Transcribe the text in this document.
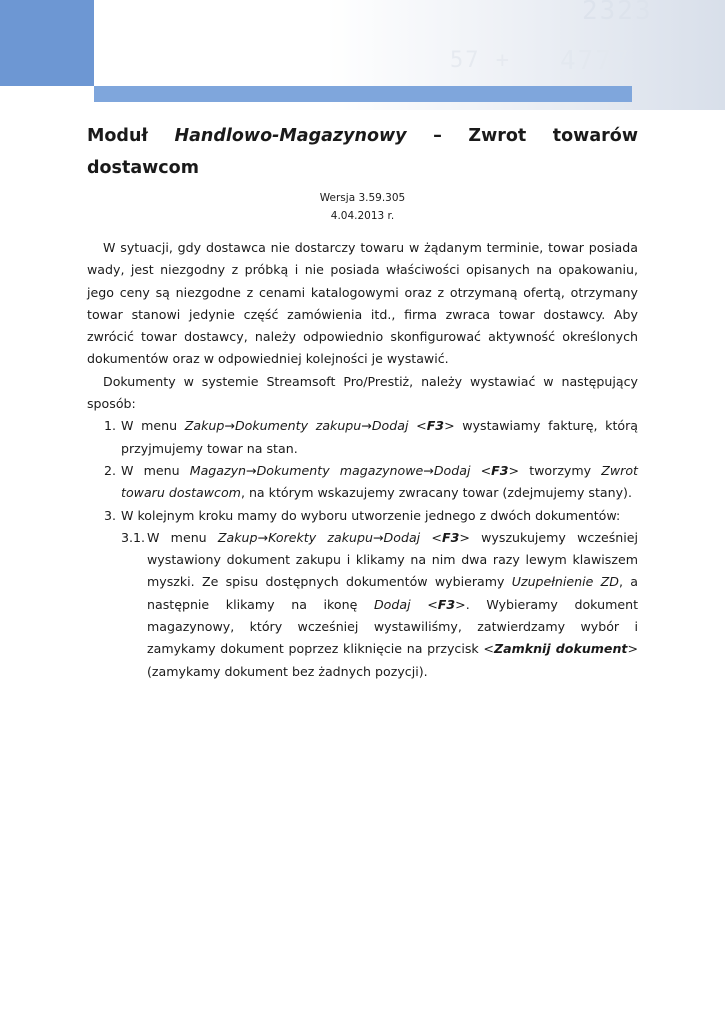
2323
57 + 4777
Moduł Handlowo-Magazynowy – Zwrot towarów
dostawcom
Wersja 3.59.305
4.04.2013 r.

W sytuacji, gdy dostawca nie dostarczy towaru w żądanym terminie, towar posiada wady, jest niezgodny z próbką i nie posiada właściwości opisanych na opakowaniu, jego ceny są niezgodne z cenami katalogowymi oraz z otrzymaną ofertą, otrzymany towar stanowi jedynie część zamówienia itd., firma zwraca towar dostawcy. Aby zwrócić towar dostawcy, należy odpowiednio skonfigurować aktywność określonych dokumentów oraz w odpowiedniej kolejności je wystawić.

Dokumenty w systemie Streamsoft Pro/Prestiż, należy wystawiać w następujący sposób:

1. W menu Zakup→Dokumenty zakupu→Dodaj <F3> wystawiamy fakturę, którą przyjmujemy towar na stan.
2. W menu Magazyn→Dokumenty magazynowe→Dodaj <F3> tworzymy Zwrot towaru dostawcom, na którym wskazujemy zwracany towar (zdejmujemy stany).
3. W kolejnym kroku mamy do wyboru utworzenie jednego z dwóch dokumentów:
3.1. W menu Zakup→Korekty zakupu→Dodaj <F3> wyszukujemy wcześniej wystawiony dokument zakupu i klikamy na nim dwa razy lewym klawiszem myszki. Ze spisu dostępnych dokumentów wybieramy Uzupełnienie ZD, a następnie klikamy na ikonę Dodaj <F3>. Wybieramy dokument magazynowy, który wcześniej wystawiliśmy, zatwierdzamy wybór i zamykamy dokument poprzez kliknięcie na przycisk <Zamknij dokument> (zamykamy dokument bez żadnych pozycji).
